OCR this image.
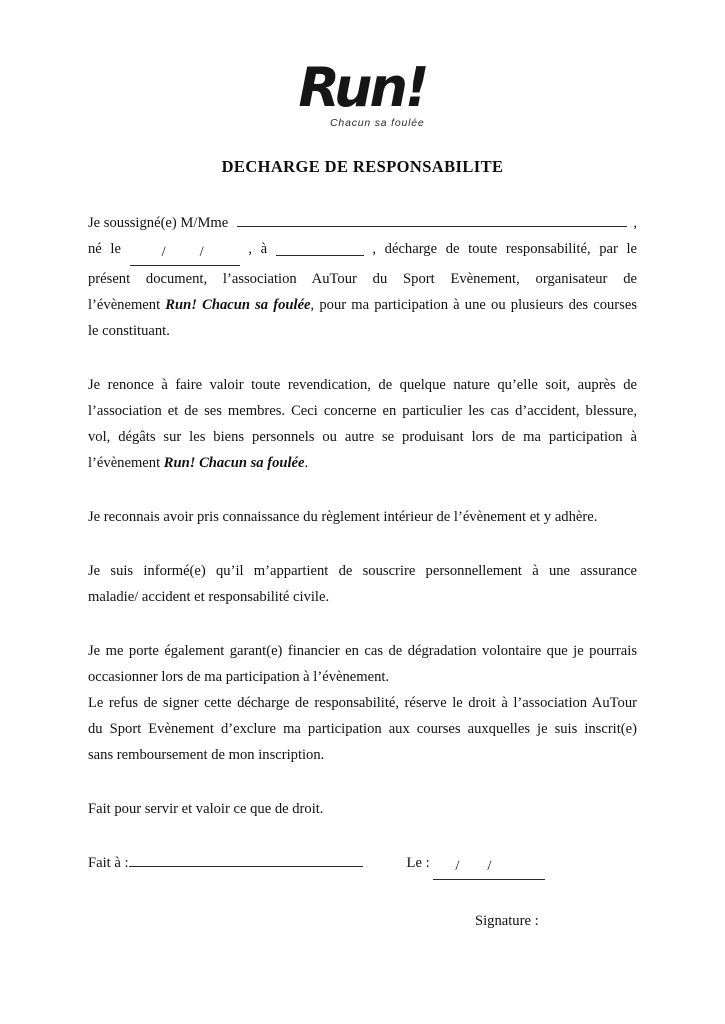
Run!
Chacun sa foulée
DECHARGE DE RESPONSABILITE
Je soussigné(e) M/Mme	,
né le	/ /	, à	, décharge de toute responsabilité, par le
présent document, l’association AuTour du Sport Evènement, organisateur de
l’évènement Run! Chacun sa foulée, pour ma participation à une ou plusieurs des courses
le constituant.
Je renonce à faire valoir toute revendication, de quelque nature qu’elle soit, auprès de
l’association et de ses membres. Ceci concerne en particulier les cas d’accident, blessure,
vol, dégâts sur les biens personnels ou autre se produisant lors de ma participation à
l’évènement Run! Chacun sa foulée.
Je reconnais avoir pris connaissance du règlement intérieur de l’évènement et y adhère.
Je suis informé(e) qu’il m’appartient de souscrire personnellement à une assurance
maladie/ accident et responsabilité civile.
Je me porte également garant(e) financier en cas de dégradation volontaire que je pourrais
occasionner lors de ma participation à l’évènement.
Le refus de signer cette décharge de responsabilité, réserve le droit à l’association AuTour
du Sport Evènement d’exclure ma participation aux courses auxquelles je suis inscrit(e)
sans remboursement de mon inscription.
Fait pour servir et valoir ce que de droit.
Fait à :	Le : / /
Signature :
